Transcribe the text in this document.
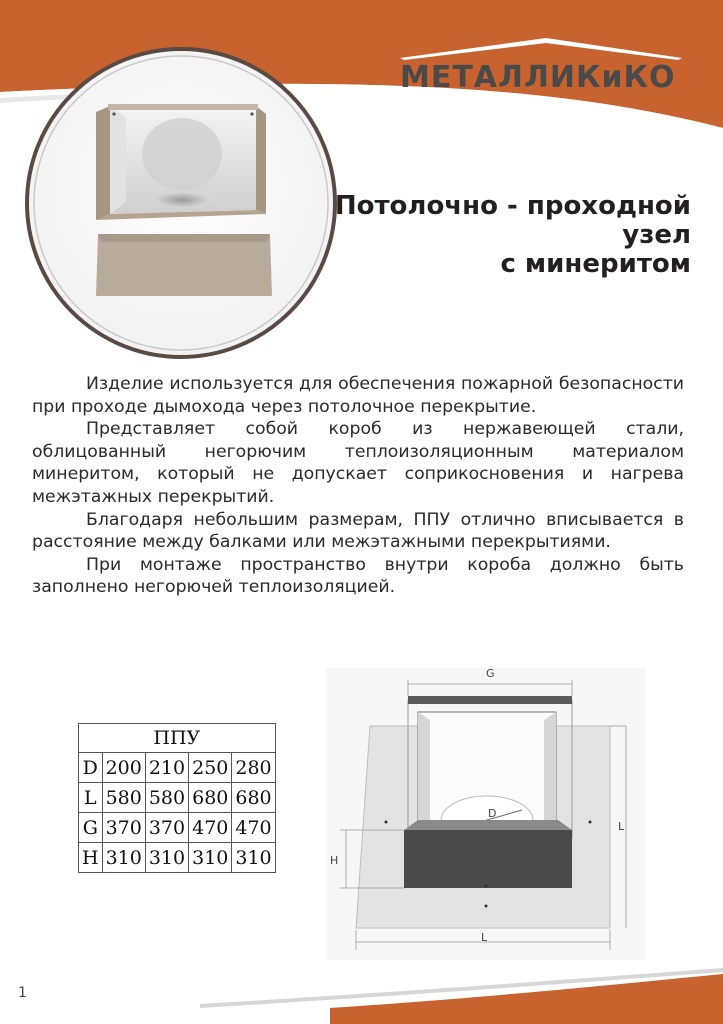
МЕТАЛЛИКиКО
Потолочно - проходной
узел
с минеритом

Изделие используется для обеспечения пожарной безопасности при проходе дымохода через потолочное перекрытие.

Представляет собой короб из нержавеющей стали, облицованный негорючим теплоизоляционным материалом минеритом, который не допускает соприкосновения и нагрева межэтажных перекрытий.

Благодаря небольшим размерам, ППУ отлично вписывается в расстояние между балками или межэтажными перекрытиями.

При монтаже пространство внутри короба должно быть заполнено негорючей теплоизоляцией.

ППУ				
D	200	210	250	280
L	580	580	680	680
G	370	370	470	470
H	310	310	310	310
D
G
L
L
H
1
